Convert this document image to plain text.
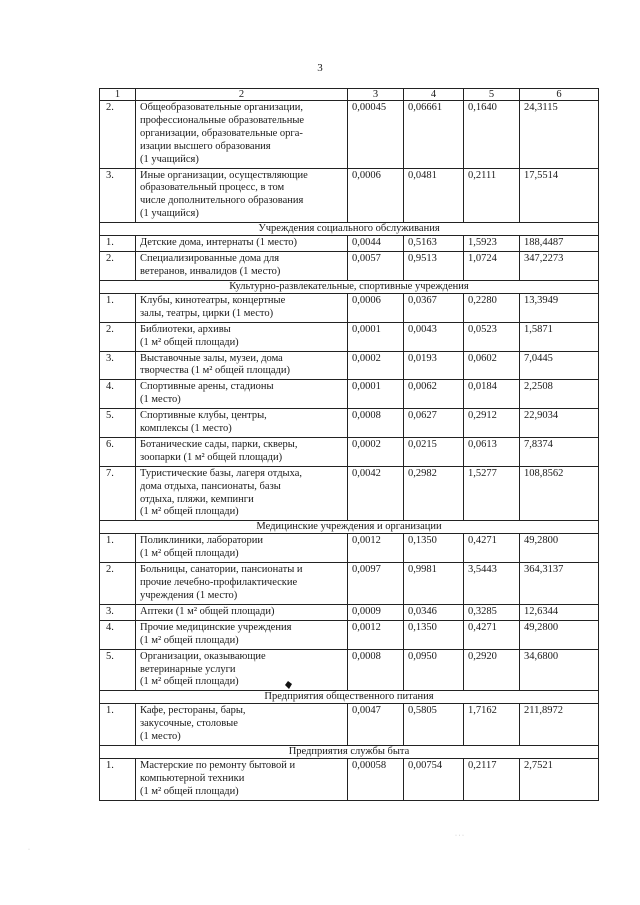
3
1	2	3	4	5	6

2.	Общеобразовательные организации,
профессиональные образовательные
организации, образовательные орга-
изации высшего образования
(1 учащийся)	0,00045	0,06661	0,1640	24,3115

3.	Иные организации, осуществляющие
образовательный процесс, в том
числе дополнительного образования
(1 учащийся)	0,0006	0,0481	0,2111	17,5514

Учреждения социального обслуживания					

1.	Детские дома, интернаты (1 место)	0,0044	0,5163	1,5923	188,4487

2.	Специализированные дома для
ветеранов, инвалидов (1 место)	0,0057	0,9513	1,0724	347,2273

Культурно-развлекательные, спортивные учреждения					

1.	Клубы, кинотеатры, концертные
залы, театры, цирки (1 место)	0,0006	0,0367	0,2280	13,3949

2.	Библиотеки, архивы
(1 м² общей площади)	0,0001	0,0043	0,0523	1,5871

3.	Выставочные залы, музеи, дома
творчества (1 м² общей площади)	0,0002	0,0193	0,0602	7,0445

4.	Спортивные арены, стадионы
(1 место)	0,0001	0,0062	0,0184	2,2508

5.	Спортивные клубы, центры,
комплексы (1 место)	0,0008	0,0627	0,2912	22,9034

6.	Ботанические сады, парки, скверы,
зоопарки (1 м² общей площади)	0,0002	0,0215	0,0613	7,8374

7.	Туристические базы, лагеря отдыха,
дома отдыха, пансионаты, базы
отдыха, пляжи, кемпинги
(1 м² общей площади)	0,0042	0,2982	1,5277	108,8562

Медицинские учреждения и организации					

1.	Поликлиники, лаборатории
(1 м² общей площади)	0,0012	0,1350	0,4271	49,2800

2.	Больницы, санатории, пансионаты и
прочие лечебно-профилактические
учреждения (1 место)	0,0097	0,9981	3,5443	364,3137

3.	Аптеки (1 м² общей площади)	0,0009	0,0346	0,3285	12,6344

4.	Прочие медицинские учреждения
(1 м² общей площади)	0,0012	0,1350	0,4271	49,2800

5.	Организации, оказывающие
ветеринарные услуги
(1 м² общей площади)	0,0008	0,0950	0,2920	34,6800

Предприятия общественного питания					

1.	Кафе, рестораны, бары,
закусочные, столовые
(1 место)	0,0047	0,5805	1,7162	211,8972

Предприятия службы быта					

1.	Мастерские по ремонту бытовой и
компьютерной техники
(1 м² общей площади)	0,00058	0,00754	0,2117	2,7521
· · ·
·
